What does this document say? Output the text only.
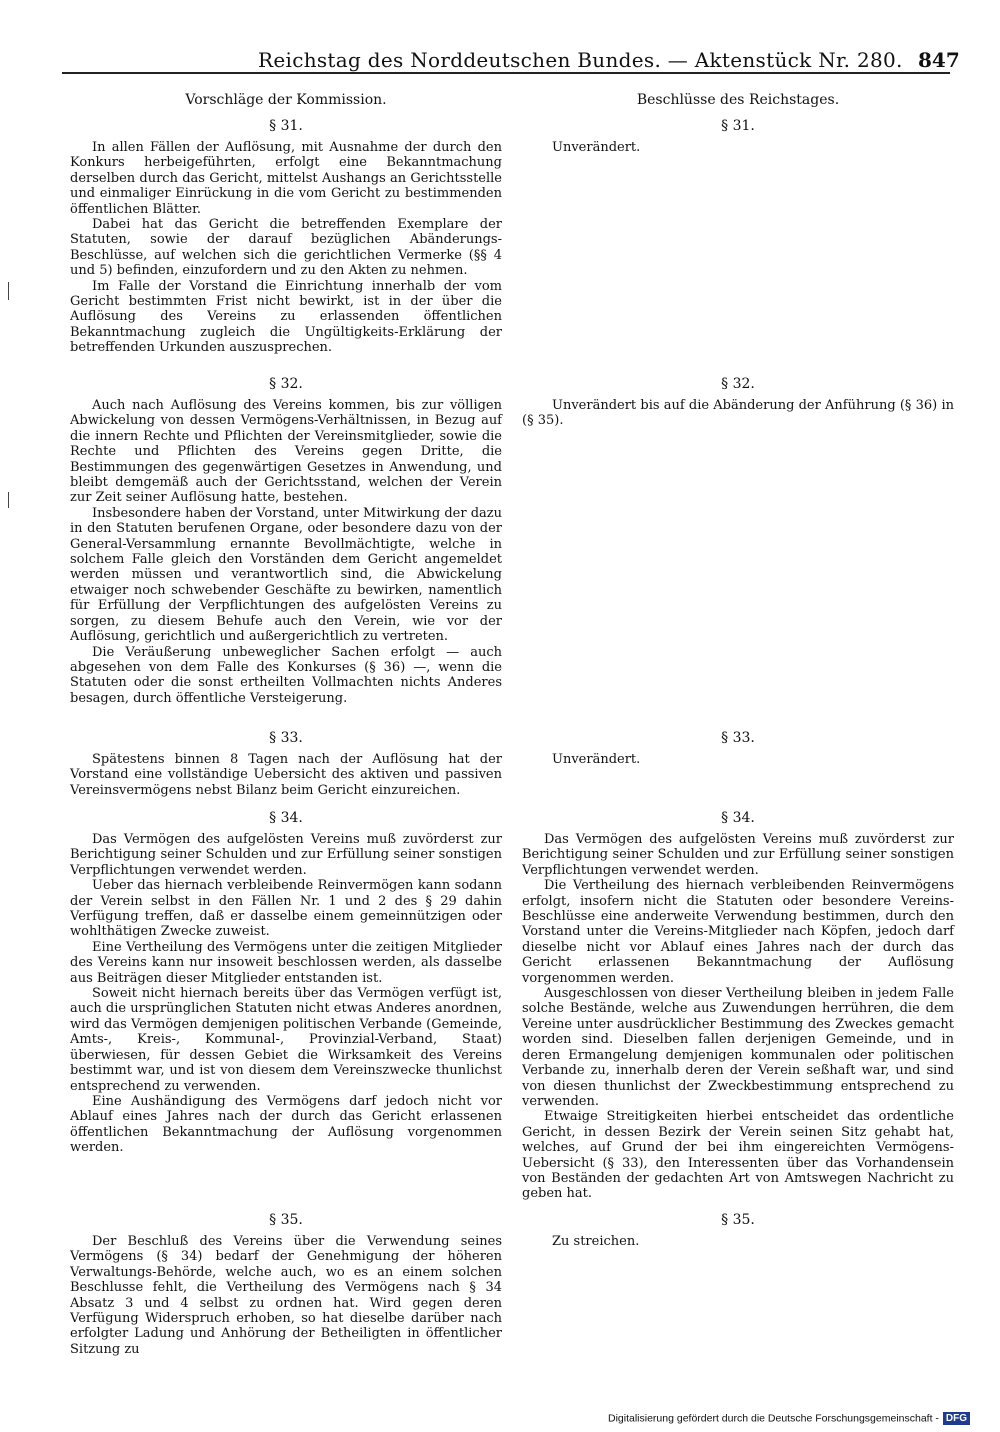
Reichstag des Norddeutschen Bundes. — Aktenstück Nr. 280. 847
Vorschläge der Kommission.
§ 31.

In allen Fällen der Auflösung, mit Ausnahme der durch den Konkurs herbeigeführten, erfolgt eine Bekanntmachung derselben durch das Gericht, mittelst Aushangs an Gerichtsstelle und einmaliger Einrückung in die vom Gericht zu bestimmenden öffentlichen Blätter.

Dabei hat das Gericht die betreffenden Exemplare der Statuten, sowie der darauf bezüglichen Abänderungs-Beschlüsse, auf welchen sich die gerichtlichen Vermerke (§§ 4 und 5) befinden, einzufordern und zu den Akten zu nehmen.

Im Falle der Vorstand die Einrichtung innerhalb der vom Gericht bestimmten Frist nicht bewirkt, ist in der über die Auflösung des Vereins zu erlassenden öffentlichen Bekanntmachung zugleich die Ungültigkeits-Erklärung der betreffenden Urkunden auszusprechen.

§ 32.

Auch nach Auflösung des Vereins kommen, bis zur völligen Abwickelung von dessen Vermögens-Verhältnissen, in Bezug auf die innern Rechte und Pflichten der Vereinsmitglieder, sowie die Rechte und Pflichten des Vereins gegen Dritte, die Bestimmungen des gegenwärtigen Gesetzes in Anwendung, und bleibt demgemäß auch der Gerichtsstand, welchen der Verein zur Zeit seiner Auflösung hatte, bestehen.

Insbesondere haben der Vorstand, unter Mitwirkung der dazu in den Statuten berufenen Organe, oder besondere dazu von der General-Versammlung ernannte Bevollmächtigte, welche in solchem Falle gleich den Vorständen dem Gericht angemeldet werden müssen und verantwortlich sind, die Abwickelung etwaiger noch schwebender Geschäfte zu bewirken, namentlich für Erfüllung der Verpflichtungen des aufgelösten Vereins zu sorgen, zu diesem Behufe auch den Verein, wie vor der Auflösung, gerichtlich und außergerichtlich zu vertreten.

Die Veräußerung unbeweglicher Sachen erfolgt — auch abgesehen von dem Falle des Konkurses (§ 36) —, wenn die Statuten oder die sonst ertheilten Vollmachten nichts Anderes besagen, durch öffentliche Versteigerung.

§ 33.

Spätestens binnen 8 Tagen nach der Auflösung hat der Vorstand eine vollständige Uebersicht des aktiven und passiven Vereinsvermögens nebst Bilanz beim Gericht einzureichen.

§ 34.

Das Vermögen des aufgelösten Vereins muß zuvörderst zur Berichtigung seiner Schulden und zur Erfüllung seiner sonstigen Verpflichtungen verwendet werden.

Ueber das hiernach verbleibende Reinvermögen kann sodann der Verein selbst in den Fällen Nr. 1 und 2 des § 29 dahin Verfügung treffen, daß er dasselbe einem gemeinnützigen oder wohlthätigen Zwecke zuweist.

Eine Vertheilung des Vermögens unter die zeitigen Mitglieder des Vereins kann nur insoweit beschlossen werden, als dasselbe aus Beiträgen dieser Mitglieder entstanden ist.

Soweit nicht hiernach bereits über das Vermögen verfügt ist, auch die ursprünglichen Statuten nicht etwas Anderes anordnen, wird das Vermögen demjenigen politischen Verbande (Gemeinde, Amts-, Kreis-, Kommunal-, Provinzial-Verband, Staat) überwiesen, für dessen Gebiet die Wirksamkeit des Vereins bestimmt war, und ist von diesem dem Vereinszwecke thunlichst entsprechend zu verwenden.

Eine Aushändigung des Vermögens darf jedoch nicht vor Ablauf eines Jahres nach der durch das Gericht erlassenen öffentlichen Bekanntmachung der Auflösung vorgenommen werden.

§ 35.

Der Beschluß des Vereins über die Verwendung seines Vermögens (§ 34) bedarf der Genehmigung der höheren Verwaltungs-Behörde, welche auch, wo es an einem solchen Beschlusse fehlt, die Vertheilung des Vermögens nach § 34 Absatz 3 und 4 selbst zu ordnen hat. Wird gegen deren Verfügung Widerspruch erhoben, so hat dieselbe darüber nach erfolgter Ladung und Anhörung der Betheiligten in öffentlicher Sitzung zu

Beschlüsse des Reichstages.
§ 31.

Unverändert.

§ 32.

Unverändert bis auf die Abänderung der Anführung (§ 36) in (§ 35).

§ 33.

Unverändert.

§ 34.

Das Vermögen des aufgelösten Vereins muß zuvörderst zur Berichtigung seiner Schulden und zur Erfüllung seiner sonstigen Verpflichtungen verwendet werden.

Die Vertheilung des hiernach verbleibenden Reinvermögens erfolgt, insofern nicht die Statuten oder besondere Vereins-Beschlüsse eine anderweite Verwendung bestimmen, durch den Vorstand unter die Vereins-Mitglieder nach Köpfen, jedoch darf dieselbe nicht vor Ablauf eines Jahres nach der durch das Gericht erlassenen Bekanntmachung der Auflösung vorgenommen werden.

Ausgeschlossen von dieser Vertheilung bleiben in jedem Falle solche Bestände, welche aus Zuwendungen herrühren, die dem Vereine unter ausdrücklicher Bestimmung des Zweckes gemacht worden sind. Dieselben fallen derjenigen Gemeinde, und in deren Ermangelung demjenigen kommunalen oder politischen Verbande zu, innerhalb deren der Verein seßhaft war, und sind von diesen thunlichst der Zweckbestimmung entsprechend zu verwenden.

Etwaige Streitigkeiten hierbei entscheidet das ordentliche Gericht, in dessen Bezirk der Verein seinen Sitz gehabt hat, welches, auf Grund der bei ihm eingereichten Vermögens-Uebersicht (§ 33), den Interessenten über das Vorhandensein von Beständen der gedachten Art von Amtswegen Nachricht zu geben hat.

§ 35.

Zu streichen.

Digitalisierung gefördert durch die Deutsche Forschungsgemeinschaft - DFG
